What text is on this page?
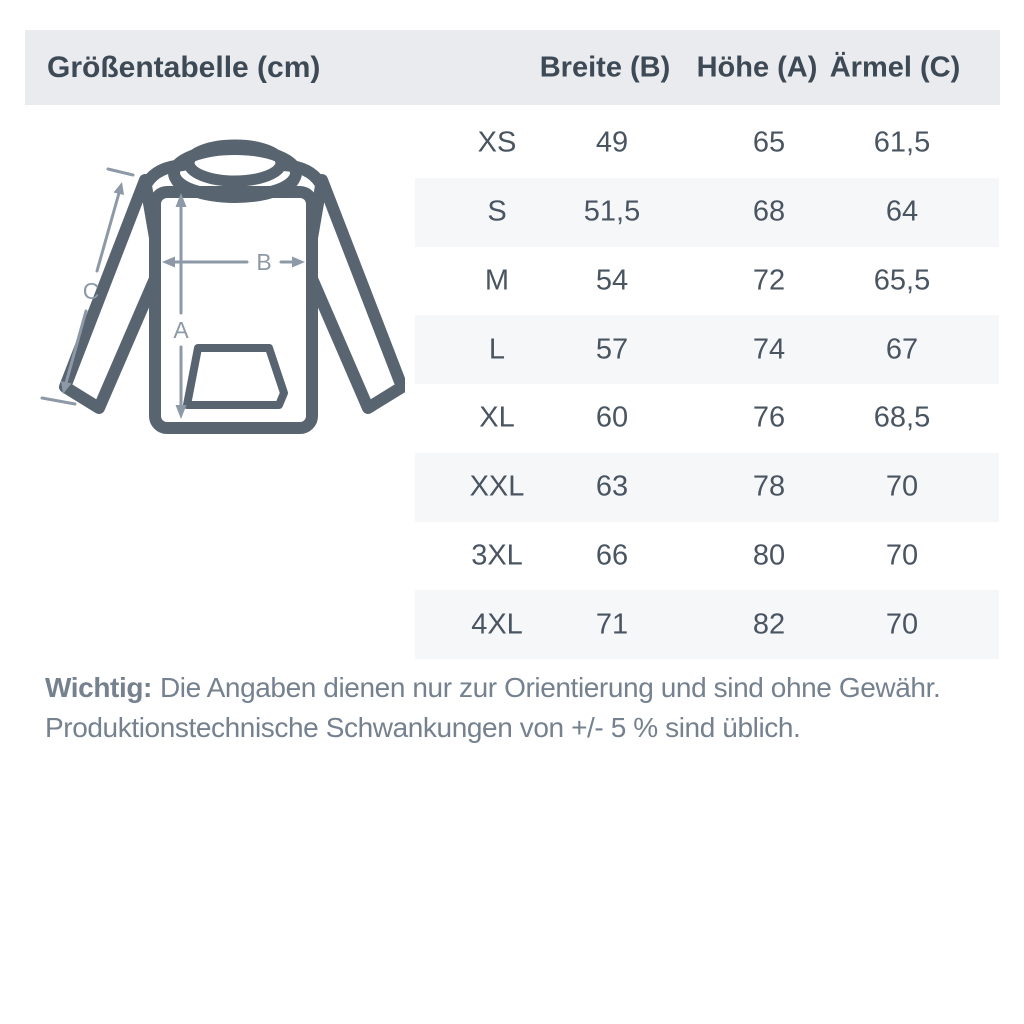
Größentabelle (cm)	Breite (B) Höhe (A) Ärmel (C)
A
B
C
XS	49	65	61,5
S	51,5	68	64
M	54	72	65,5
L	57	74	67
XL	60	76	68,5
XXL 63	78	70
3XL	66	80	70
4XL	71	82	70

Wichtig: Die Angaben dienen nur zur Orientierung und sind ohne Gewähr.

Produktionstechnische Schwankungen von +/- 5 % sind üblich.
